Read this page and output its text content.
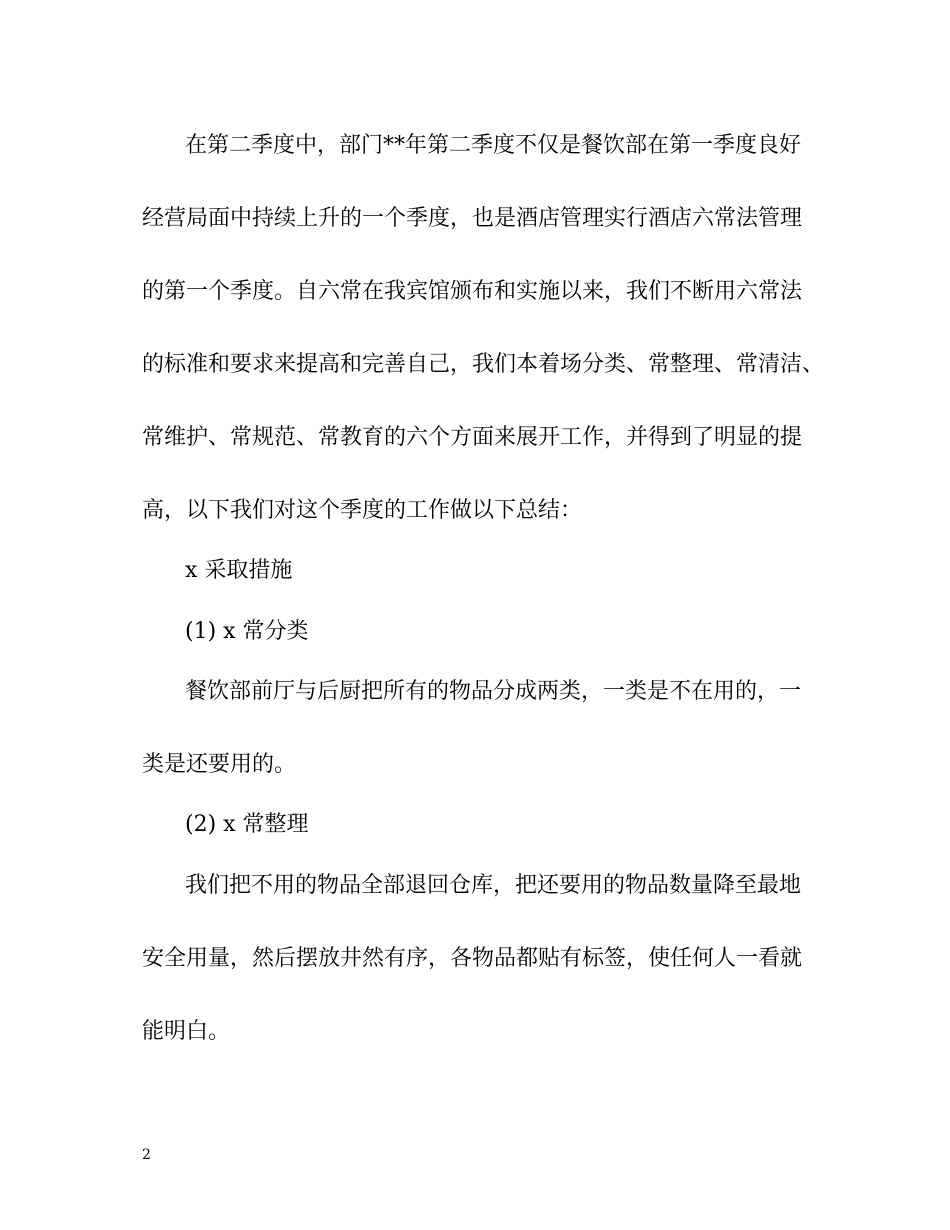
在第二季度中，部门**年第二季度不仅是餐饮部在第一季度良好
经营局面中持续上升的一个季度，也是酒店管理实行酒店六常法管理
的第一个季度。自六常在我宾馆颁布和实施以来，我们不断用六常法
的标准和要求来提高和完善自己，我们本着场分类、常整理、常清洁、
常维护、常规范、常教育的六个方面来展开工作，并得到了明显的提
高，以下我们对这个季度的工作做以下总结：
x 采取措施
(1) x 常分类
餐饮部前厅与后厨把所有的物品分成两类，一类是不在用的，一
类是还要用的。
(2) x 常整理
我们把不用的物品全部退回仓库，把还要用的物品数量降至最地
安全用量，然后摆放井然有序，各物品都贴有标签，使任何人一看就
能明白。
2
